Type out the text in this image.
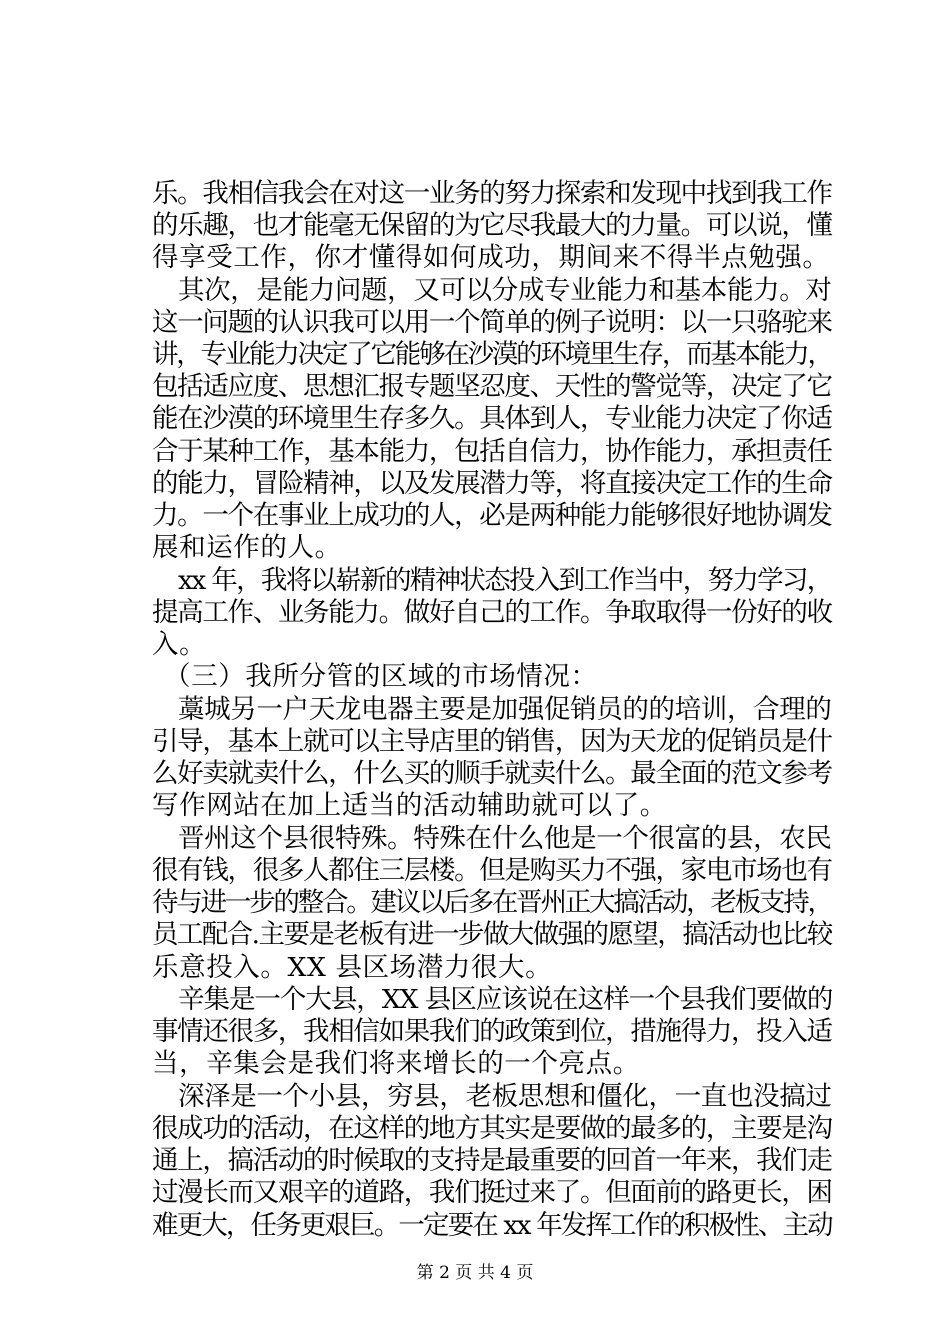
乐。我相信我会在对这一业务的努力探索和发现中找到我工作
的乐趣，也才能毫无保留的为它尽我最大的力量。可以说，懂
得享受工作，你才懂得如何成功，期间来不得半点勉强。
其次，是能力问题，又可以分成专业能力和基本能力。对
这一问题的认识我可以用一个简单的例子说明：以一只骆驼来
讲，专业能力决定了它能够在沙漠的环境里生存，而基本能力，
包括适应度、思想汇报专题坚忍度、天性的警觉等，决定了它
能在沙漠的环境里生存多久。具体到人，专业能力决定了你适
合于某种工作，基本能力，包括自信力，协作能力，承担责任
的能力，冒险精神，以及发展潜力等，将直接决定工作的生命
力。一个在事业上成功的人，必是两种能力能够很好地协调发
展和运作的人。
xx 年，我将以崭新的精神状态投入到工作当中，努力学习，
提高工作、业务能力。做好自己的工作。争取取得一份好的收
入。
（三）我所分管的区域的市场情况：
藁城另一户天龙电器主要是加强促销员的的培训，合理的
引导，基本上就可以主导店里的销售，因为天龙的促销员是什
么好卖就卖什么，什么买的顺手就卖什么。最全面的范文参考
写作网站在加上适当的活动辅助就可以了。
晋州这个县很特殊。特殊在什么他是一个很富的县，农民
很有钱，很多人都住三层楼。但是购买力不强，家电市场也有
待与进一步的整合。建议以后多在晋州正大搞活动，老板支持，
员工配合.主要是老板有进一步做大做强的愿望，搞活动也比较
乐意投入。XX 县区场潜力很大。
辛集是一个大县，XX 县区应该说在这样一个县我们要做的
事情还很多，我相信如果我们的政策到位，措施得力，投入适
当，辛集会是我们将来增长的一个亮点。
深泽是一个小县，穷县，老板思想和僵化，一直也没搞过
很成功的活动，在这样的地方其实是要做的最多的，主要是沟
通上，搞活动的时候取的支持是最重要的回首一年来，我们走
过漫长而又艰辛的道路，我们挺过来了。但面前的路更长，困
难更大，任务更艰巨。一定要在 xx 年发挥工作的积极性、主动
第 2 页 共 4 页
